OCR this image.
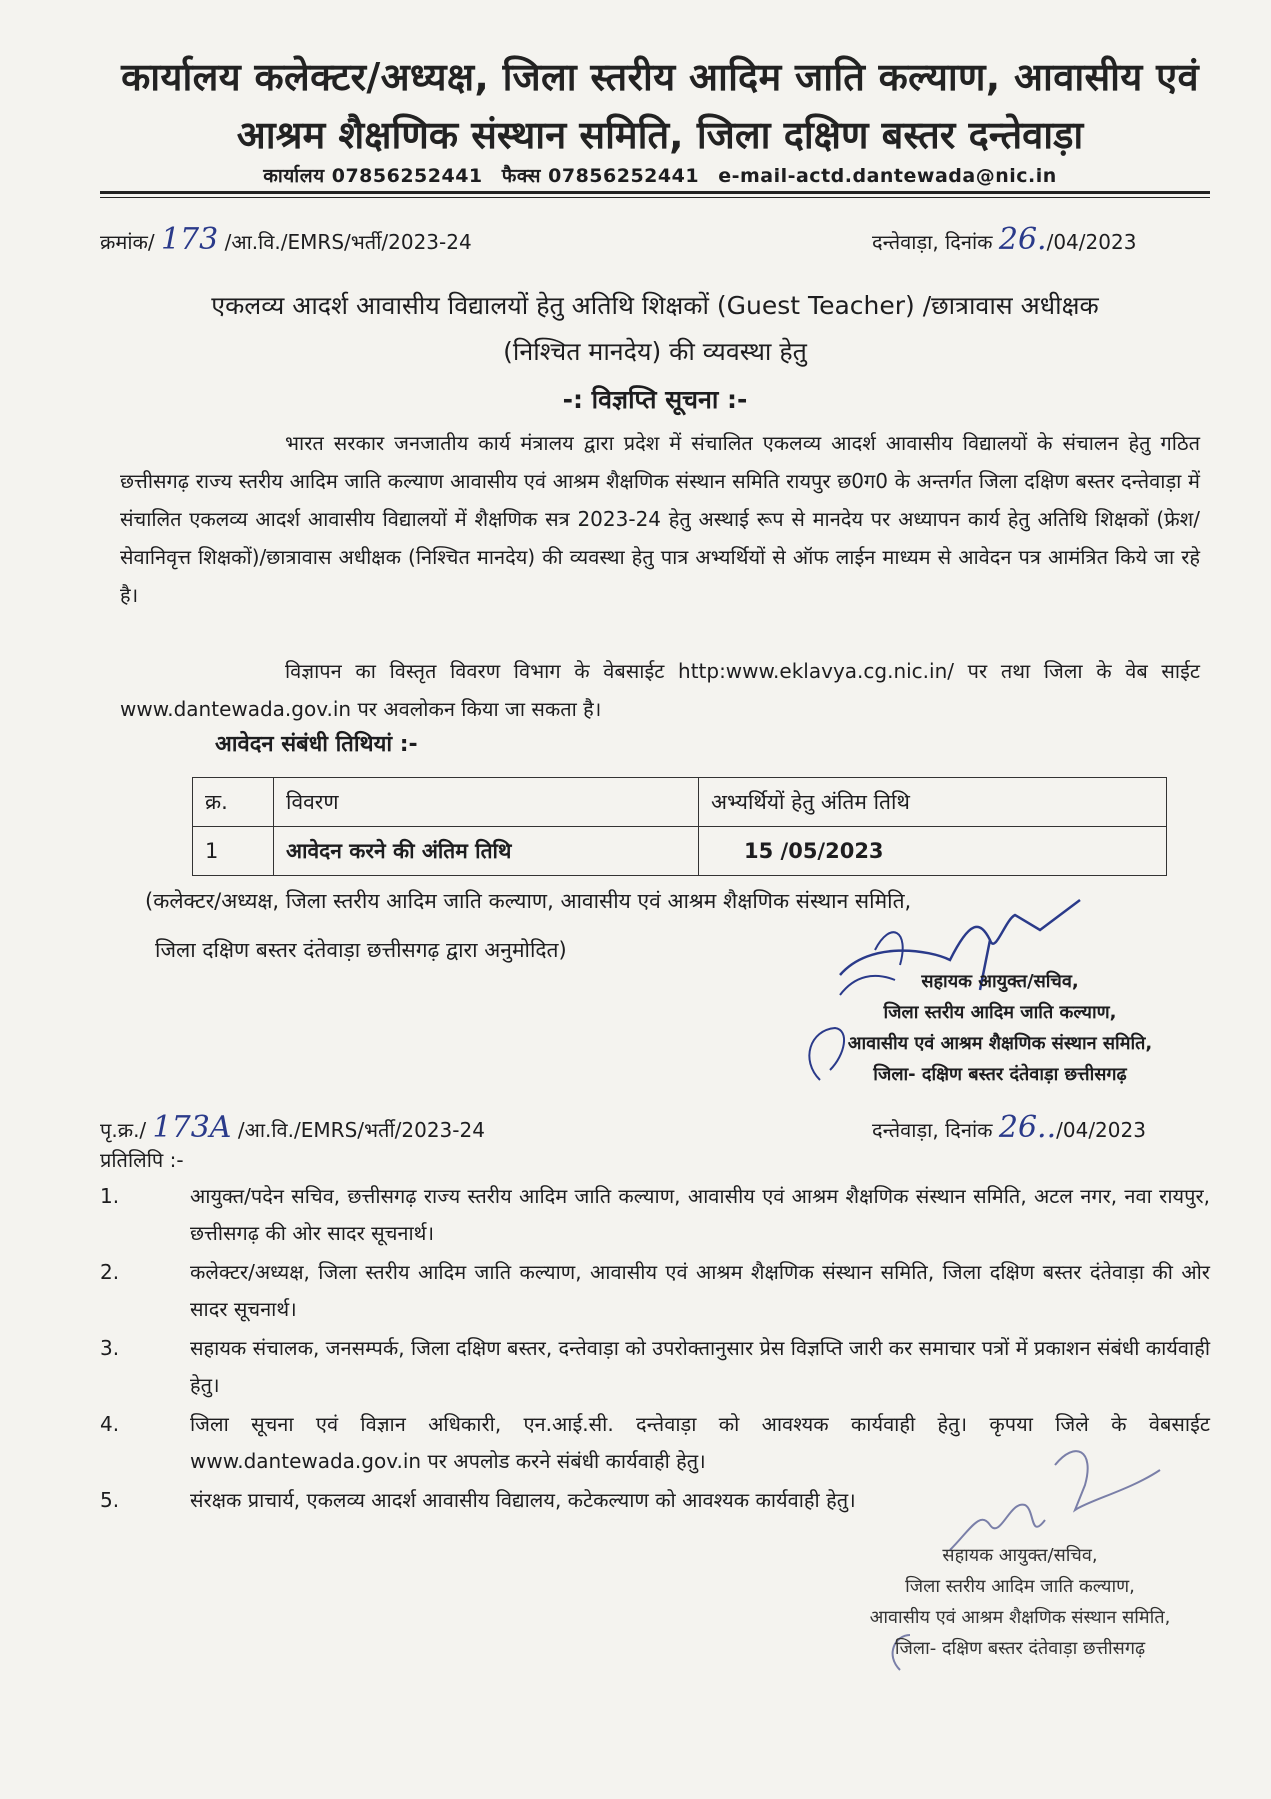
कार्यालय कलेक्टर/अध्यक्ष, जिला स्तरीय आदिम जाति कल्याण, आवासीय एवं
आश्रम शैक्षणिक संस्थान समिति, जिला दक्षिण बस्तर दन्तेवाड़ा
कार्यालय 07856252441 फैक्स 07856252441 e-mail-actd.dantewada@nic.in
क्रमांक/ 173 /आ.वि./EMRS/भर्ती/2023-24	दन्तेवाड़ा, दिनांक 26./04/2023
एकलव्य आदर्श आवासीय विद्यालयों हेतु अतिथि शिक्षकों (Guest Teacher) /छात्रावास अधीक्षक
(निश्चित मानदेय) की व्यवस्था हेतु
-: विज्ञप्ति सूचना :-
भारत सरकार जनजातीय कार्य मंत्रालय द्वारा प्रदेश में संचालित एकलव्य आदर्श आवासीय विद्यालयों के संचालन हेतु गठित छत्तीसगढ़ राज्य स्तरीय आदिम जाति कल्याण आवासीय एवं आश्रम शैक्षणिक संस्थान समिति रायपुर छ0ग0 के अन्तर्गत जिला दक्षिण बस्तर दन्तेवाड़ा में संचालित एकलव्य आदर्श आवासीय विद्यालयों में शैक्षणिक सत्र 2023-24 हेतु अस्थाई रूप से मानदेय पर अध्यापन कार्य हेतु अतिथि शिक्षकों (फ्रेश/सेवानिवृत्त शिक्षकों)/छात्रावास अधीक्षक (निश्चित मानदेय) की व्यवस्था हेतु पात्र अभ्यर्थियों से ऑफ लाईन माध्यम से आवेदन पत्र आमंत्रित किये जा रहे है।
विज्ञापन का विस्तृत विवरण विभाग के वेबसाईट http:www.eklavya.cg.nic.in/ पर तथा जिला के वेब साईट www.dantewada.gov.in पर अवलोकन किया जा सकता है।
आवेदन संबंधी तिथियां :-
क्र.	विवरण	अभ्यर्थियों हेतु अंतिम तिथि
1	आवेदन करने की अंतिम तिथि	15 /05/2023
(कलेक्टर/अध्यक्ष, जिला स्तरीय आदिम जाति कल्याण, आवासीय एवं आश्रम शैक्षणिक संस्थान समिति,
जिला दक्षिण बस्तर दंतेवाड़ा छत्तीसगढ़ द्वारा अनुमोदित)
सहायक आयुक्त/सचिव,
जिला स्तरीय आदिम जाति कल्याण,
आवासीय एवं आश्रम शैक्षणिक संस्थान समिति,
जिला- दक्षिण बस्तर दंतेवाड़ा छत्तीसगढ़
पृ.क्र./ 173A /आ.वि./EMRS/भर्ती/2023-24	दन्तेवाड़ा, दिनांक 26../04/2023
प्रतिलिपि :-
1.	आयुक्त/पदेन सचिव, छत्तीसगढ़ राज्य स्तरीय आदिम जाति कल्याण, आवासीय एवं आश्रम शैक्षणिक संस्थान समिति, अटल नगर, नवा रायपुर, छत्तीसगढ़ की ओर सादर सूचनार्थ।
2.	कलेक्टर/अध्यक्ष, जिला स्तरीय आदिम जाति कल्याण, आवासीय एवं आश्रम शैक्षणिक संस्थान समिति, जिला दक्षिण बस्तर दंतेवाड़ा की ओर सादर सूचनार्थ।
3.	सहायक संचालक, जनसम्पर्क, जिला दक्षिण बस्तर, दन्तेवाड़ा को उपरोक्तानुसार प्रेस विज्ञप्ति जारी कर समाचार पत्रों में प्रकाशन संबंधी कार्यवाही हेतु।
4.	जिला सूचना एवं विज्ञान अधिकारी, एन.आई.सी. दन्तेवाड़ा को आवश्यक कार्यवाही हेतु। कृपया जिले के वेबसाईट www.dantewada.gov.in पर अपलोड करने संबंधी कार्यवाही हेतु।
5.	संरक्षक प्राचार्य, एकलव्य आदर्श आवासीय विद्यालय, कटेकल्याण को आवश्यक कार्यवाही हेतु।
सहायक आयुक्त/सचिव,
जिला स्तरीय आदिम जाति कल्याण,
आवासीय एवं आश्रम शैक्षणिक संस्थान समिति,
जिला- दक्षिण बस्तर दंतेवाड़ा छत्तीसगढ़
